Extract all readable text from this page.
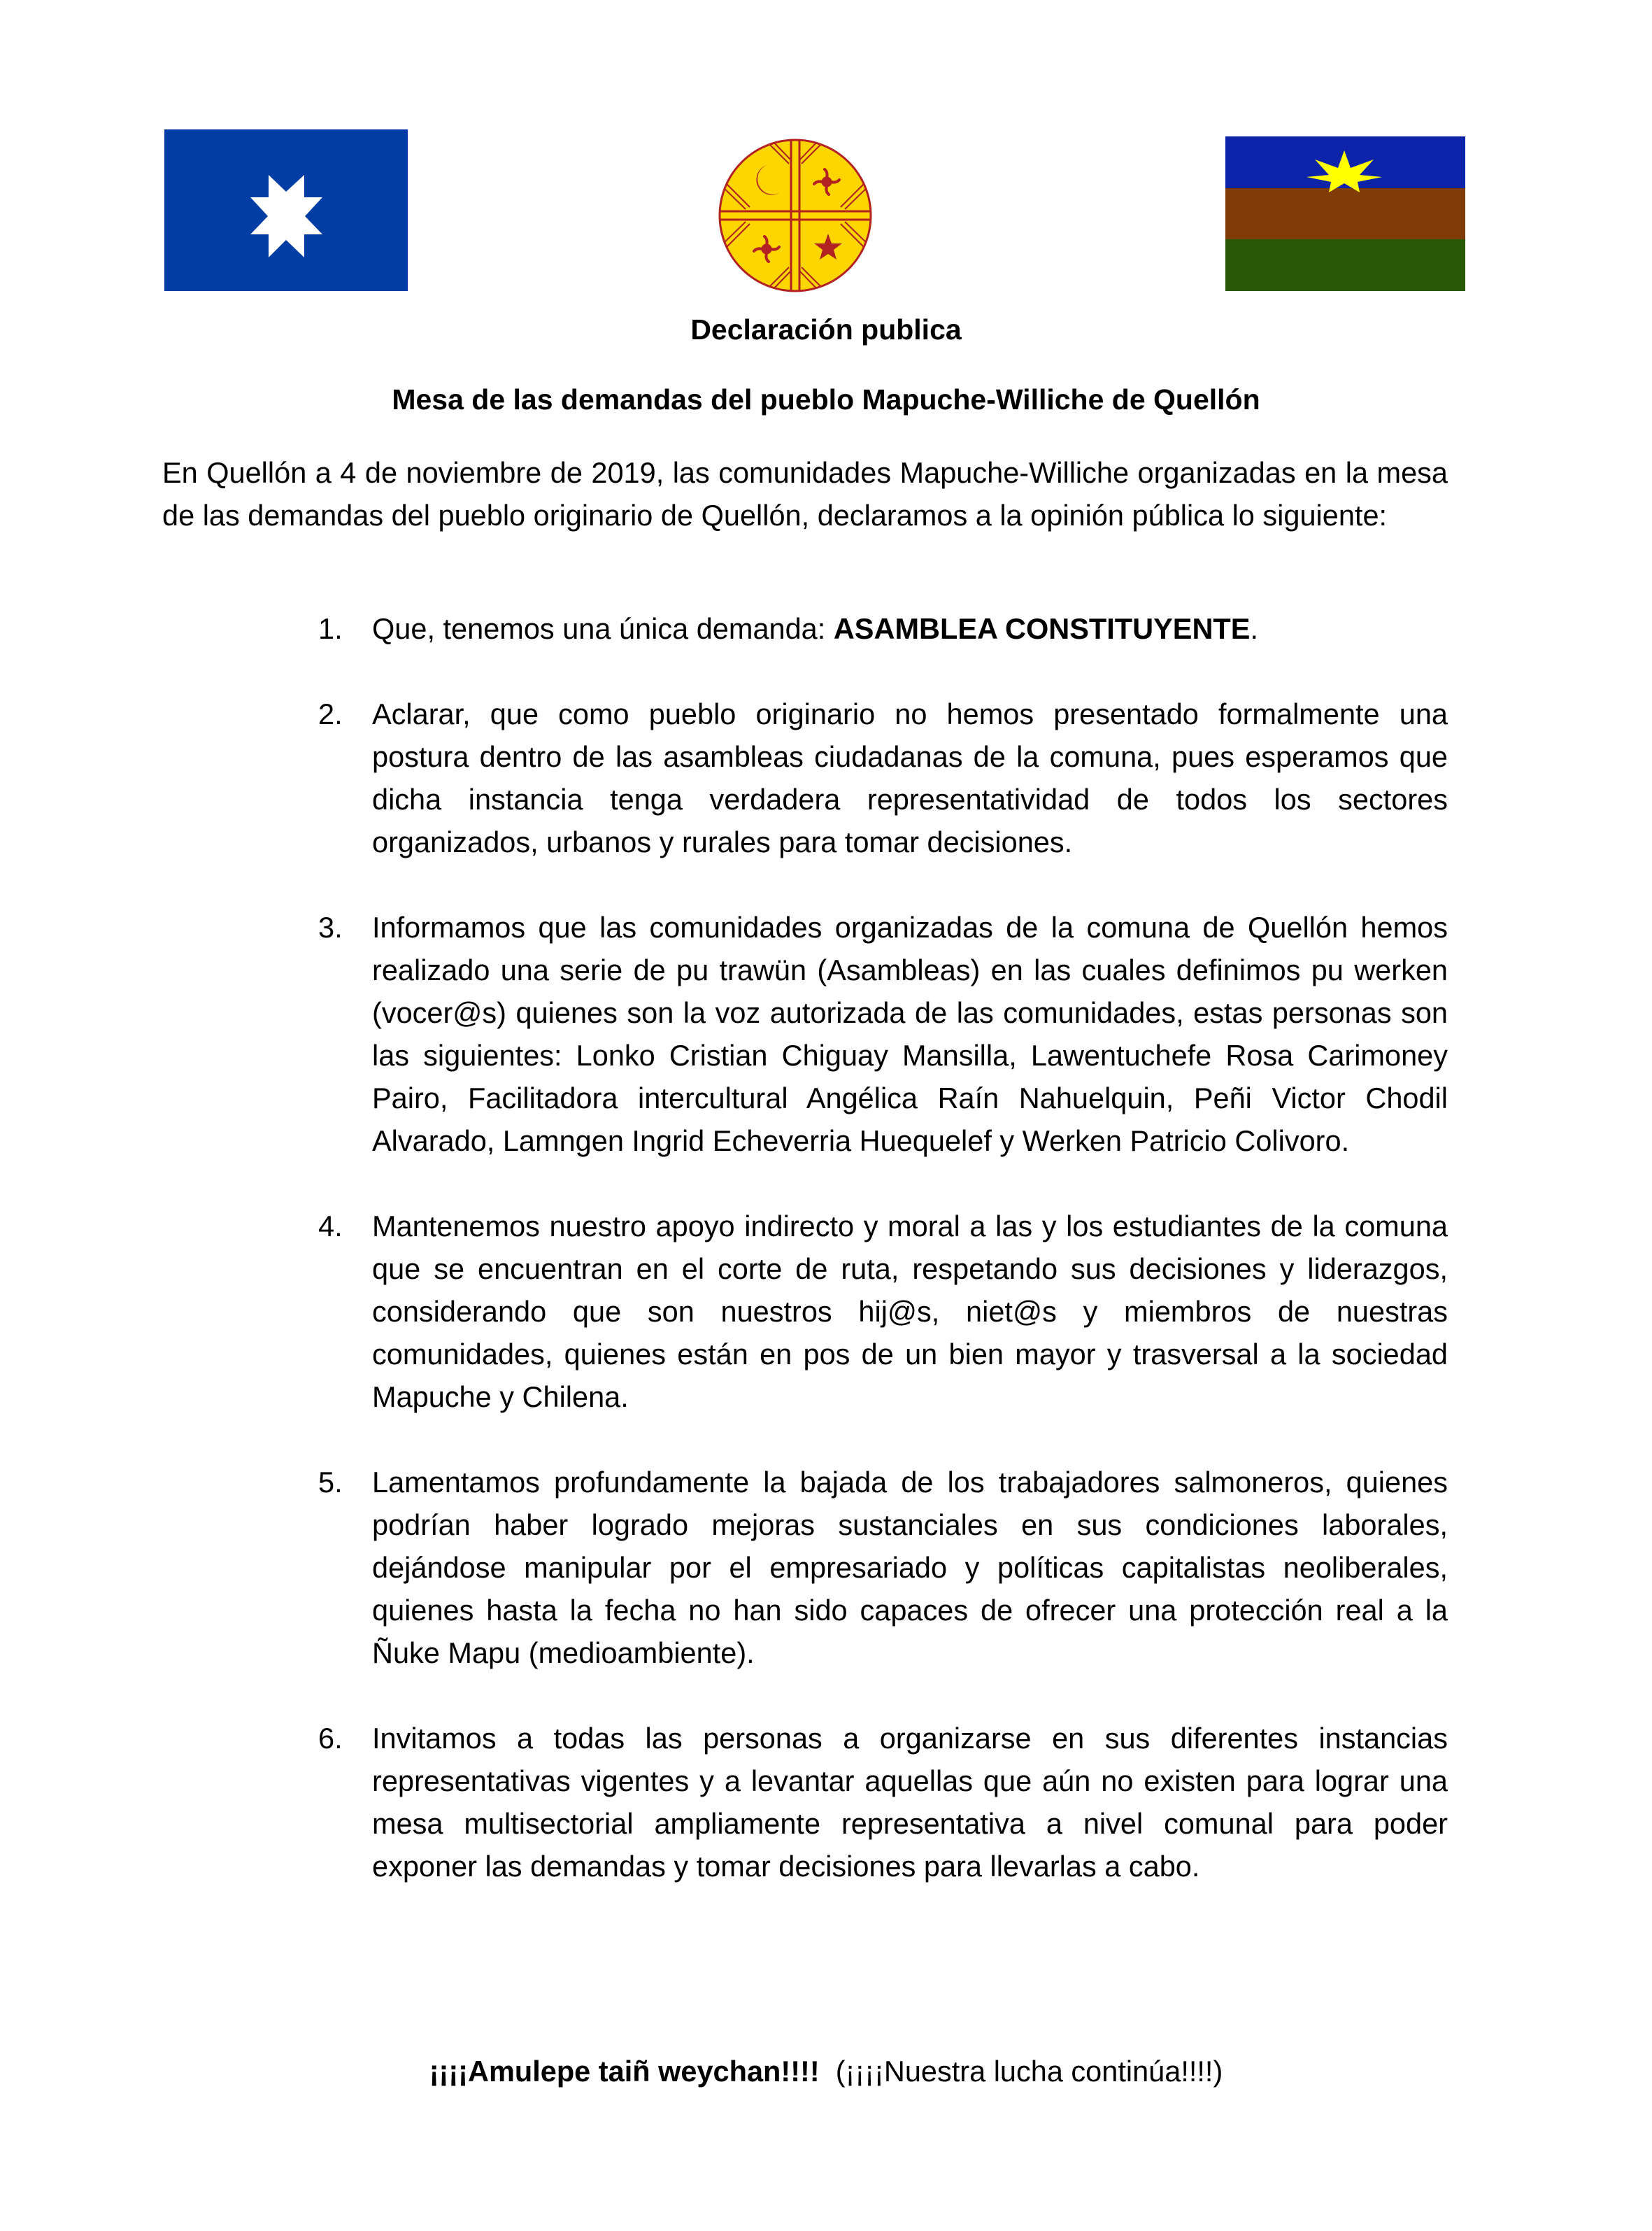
Declaración publica
Mesa de las demandas del pueblo Mapuche-Williche de Quellón

En Quellón a 4 de noviembre de 2019, las comunidades Mapuche-Williche organizadas en la mesa de las demandas del pueblo originario de Quellón, declaramos a la opinión pública lo siguiente:

1. Que, tenemos una única demanda: ASAMBLEA CONSTITUYENTE.
2. Aclarar, que como pueblo originario no hemos presentado formalmente una postura dentro de las asambleas ciudadanas de la comuna, pues esperamos que dicha instancia tenga verdadera representatividad de todos los sectores organizados, urbanos y rurales para tomar decisiones.
3. Informamos que las comunidades organizadas de la comuna de Quellón hemos realizado una serie de pu trawün (Asambleas) en las cuales definimos pu werken (vocer@s) quienes son la voz autorizada de las comunidades, estas personas son las siguientes: Lonko Cristian Chiguay Mansilla, Lawentuchefe Rosa Carimoney Pairo, Facilitadora intercultural Angélica Raín Nahuelquin, Peñi Victor Chodil Alvarado, Lamngen Ingrid Echeverria Huequelef y Werken Patricio Colivoro.
4. Mantenemos nuestro apoyo indirecto y moral a las y los estudiantes de la comuna que se encuentran en el corte de ruta, respetando sus decisiones y liderazgos, considerando que son nuestros hij@s, niet@s y miembros de nuestras comunidades, quienes están en pos de un bien mayor y trasversal a la sociedad Mapuche y Chilena.
5. Lamentamos profundamente la bajada de los trabajadores salmoneros, quienes podrían haber logrado mejoras sustanciales en sus condiciones laborales, dejándose manipular por el empresariado y políticas capitalistas neoliberales, quienes hasta la fecha no han sido capaces de ofrecer una protección real a la Ñuke Mapu (medioambiente).
6. Invitamos a todas las personas a organizarse en sus diferentes instancias representativas vigentes y a levantar aquellas que aún no existen para lograr una mesa multisectorial ampliamente representativa a nivel comunal para poder exponer las demandas y tomar decisiones para llevarlas a cabo.

¡¡¡¡Amulepe taiñ weychan!!!! (¡¡¡¡Nuestra lucha continúa!!!!)
